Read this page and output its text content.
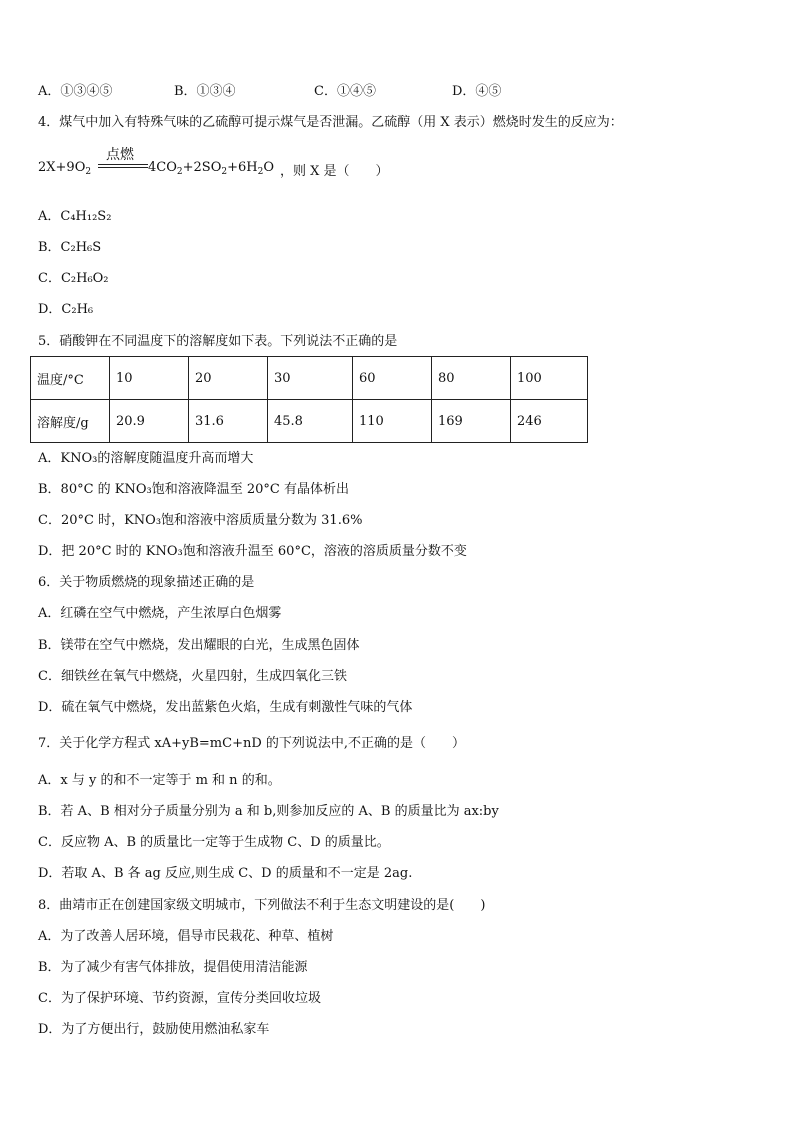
A．①③④⑤	B．①③④	C．①④⑤	D．④⑤
4．煤气中加入有特殊气味的乙硫醇可提示煤气是否泄漏。乙硫醇（用 X 表示）燃烧时发生的反应为：
$2X+9O_2$
点燃
$4CO_2+2SO_2+6H_2O$ ，则 X 是（　　）
A．C₄H₁₂S₂
B．C₂H₆S
C．C₂H₆O₂
D．C₂H₆
5．硝酸钾在不同温度下的溶解度如下表。下列说法不正确的是
温度/°C	10	20	30	60	80	100
溶解度/g	20.9	31.6	45.8	110	169	246
A．KNO₃的溶解度随温度升高而增大
B．80°C 的 KNO₃饱和溶液降温至 20°C 有晶体析出
C．20°C 时，KNO₃饱和溶液中溶质质量分数为 31.6%
D．把 20°C 时的 KNO₃饱和溶液升温至 60°C，溶液的溶质质量分数不变
6．关于物质燃烧的现象描述正确的是
A．红磷在空气中燃烧，产生浓厚白色烟雾
B．镁带在空气中燃烧，发出耀眼的白光，生成黑色固体
C．细铁丝在氧气中燃烧，火星四射，生成四氧化三铁
D．硫在氧气中燃烧，发出蓝紫色火焰，生成有刺激性气味的气体
7．关于化学方程式 xA+yB=mC+nD 的下列说法中,不正确的是（　　）
A．x 与 y 的和不一定等于 m 和 n 的和。
B．若 A、B 相对分子质量分别为 a 和 b,则参加反应的 A、B 的质量比为 ax:by
C．反应物 A、B 的质量比一定等于生成物 C、D 的质量比。
D．若取 A、B 各 ag 反应,则生成 C、D 的质量和不一定是 2ag.
8．曲靖市正在创建国家级文明城市，下列做法不利于生态文明建设的是(　　)
A．为了改善人居环境，倡导市民栽花、种草、植树
B．为了减少有害气体排放，提倡使用清洁能源
C．为了保护环境、节约资源，宣传分类回收垃圾
D．为了方便出行，鼓励使用燃油私家车
